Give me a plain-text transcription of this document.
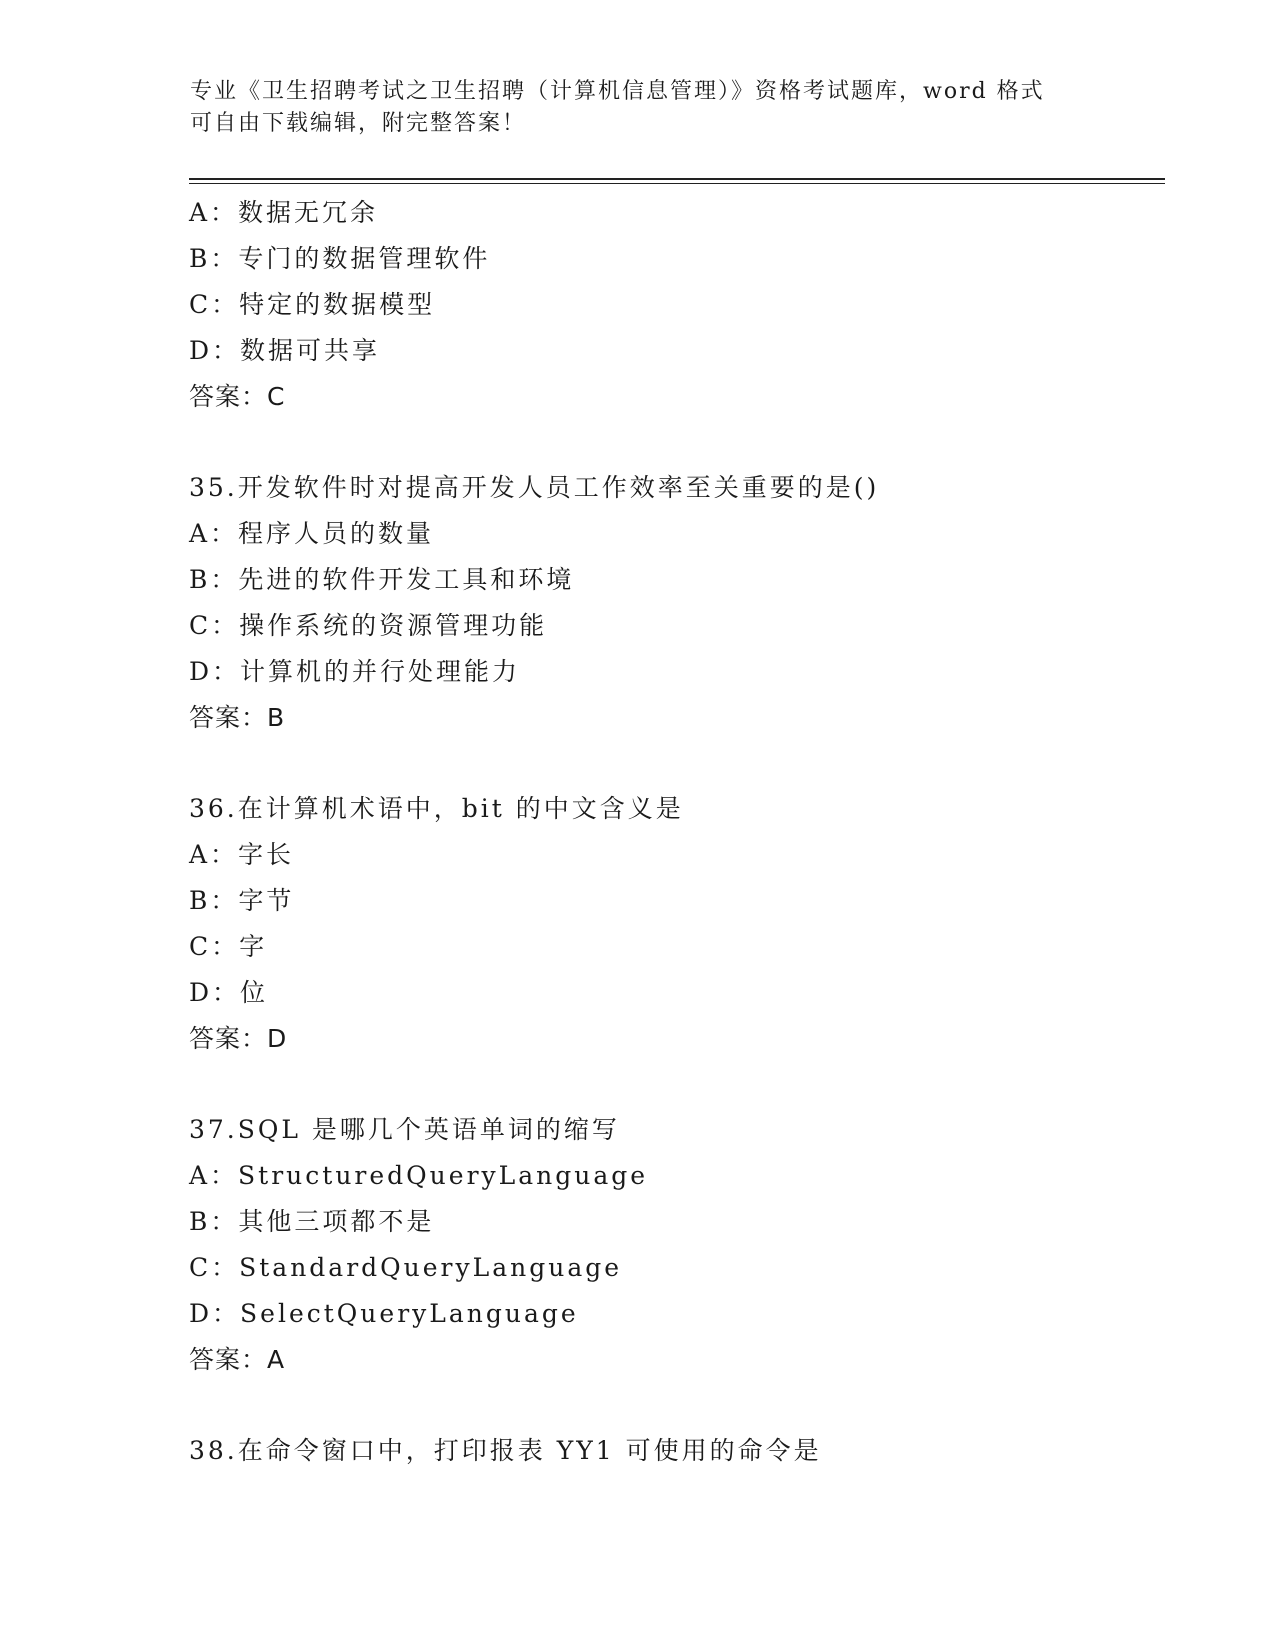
专业《卫生招聘考试之卫生招聘（计算机信息管理）》资格考试题库，word 格式
可自由下载编辑，附完整答案！
A：数据无冗余
B：专门的数据管理软件
C：特定的数据模型
D：数据可共享
答案：C
35.开发软件时对提高开发人员工作效率至关重要的是()
A：程序人员的数量
B：先进的软件开发工具和环境
C：操作系统的资源管理功能
D：计算机的并行处理能力
答案：B
36.在计算机术语中，bit 的中文含义是
A：字长
B：字节
C：字
D：位
答案：D
37.SQL 是哪几个英语单词的缩写
A：StructuredQueryLanguage
B：其他三项都不是
C：StandardQueryLanguage
D：SelectQueryLanguage
答案：A
38.在命令窗口中，打印报表 YY1 可使用的命令是
